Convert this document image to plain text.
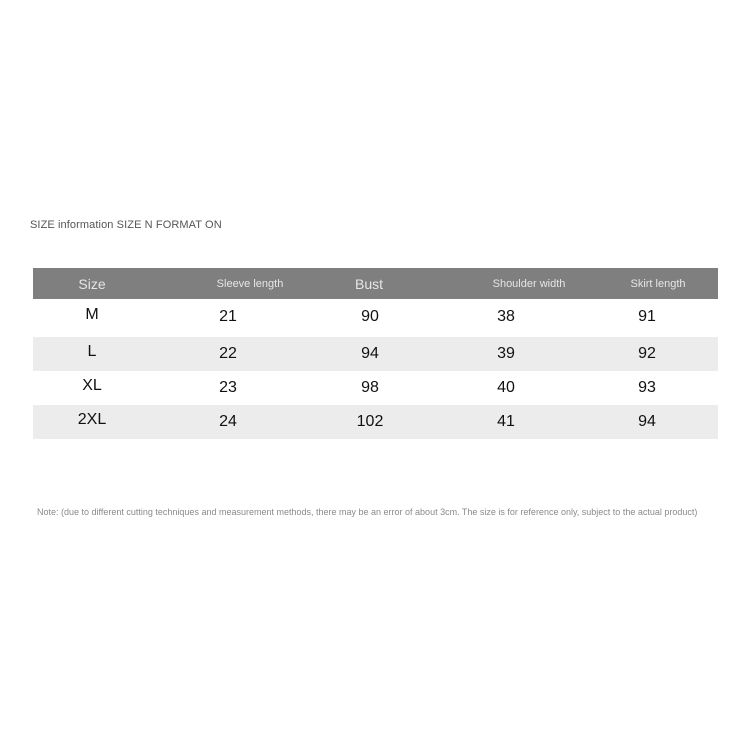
SIZE information SIZE N FORMAT ON
Size	Sleeve length	Bust	Shoulder width	Skirt length
M	21	90	38	91
L	22	94	39	92
XL	23	98	40	93
2XL	24	102	41	94
Note: (due to different cutting techniques and measurement methods, there may be an error of about 3cm. The size is for reference only, subject to the actual product)
